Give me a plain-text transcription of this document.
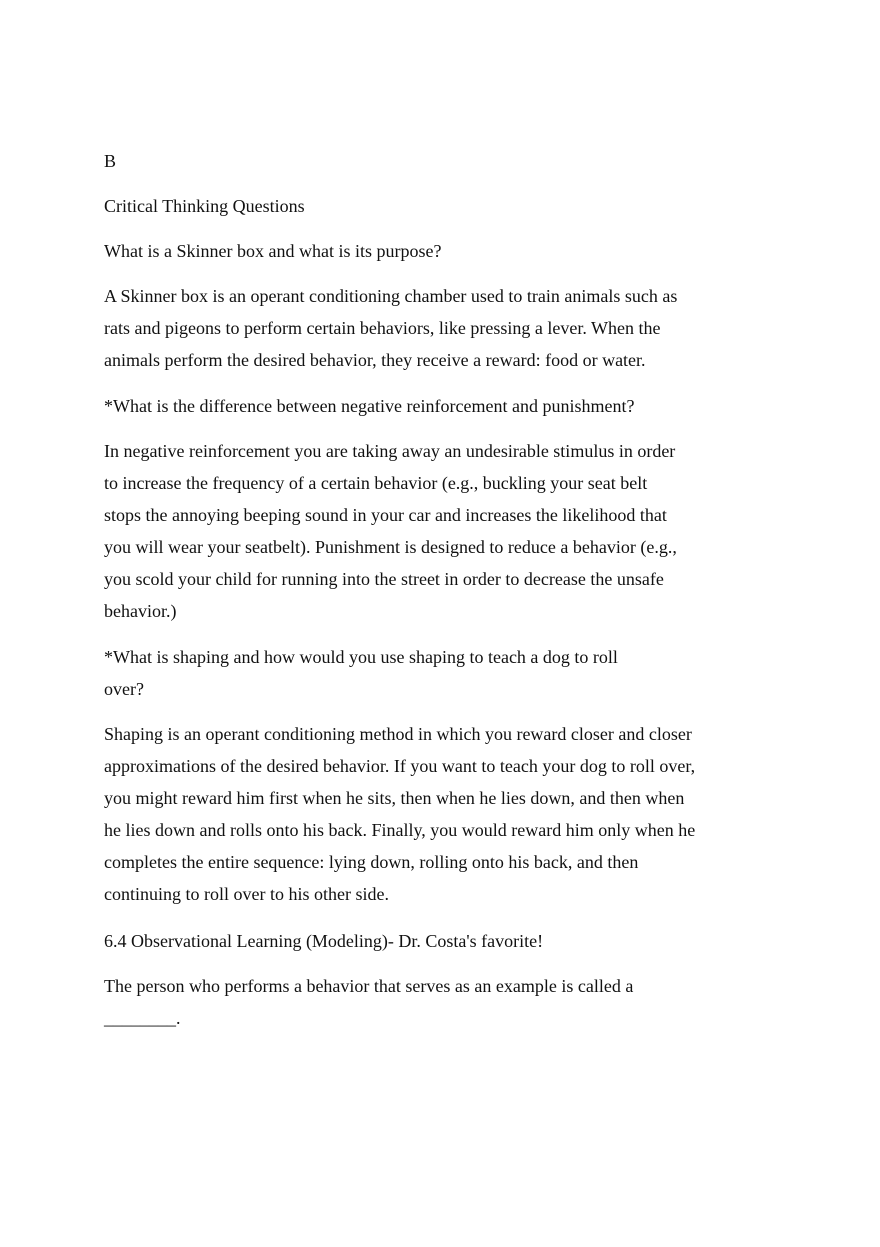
B

Critical Thinking Questions

What is a Skinner box and what is its purpose?

A Skinner box is an operant conditioning chamber used to train animals such as
rats and pigeons to perform certain behaviors, like pressing a lever. When the
animals perform the desired behavior, they receive a reward: food or water.

*What is the difference between negative reinforcement and punishment?

In negative reinforcement you are taking away an undesirable stimulus in order
to increase the frequency of a certain behavior (e.g., buckling your seat belt
stops the annoying beeping sound in your car and increases the likelihood that
you will wear your seatbelt). Punishment is designed to reduce a behavior (e.g.,
you scold your child for running into the street in order to decrease the unsafe
behavior.)

*What is shaping and how would you use shaping to teach a dog to roll
over?

Shaping is an operant conditioning method in which you reward closer and closer
approximations of the desired behavior. If you want to teach your dog to roll over,
you might reward him first when he sits, then when he lies down, and then when
he lies down and rolls onto his back. Finally, you would reward him only when he
completes the entire sequence: lying down, rolling onto his back, and then
continuing to roll over to his other side.

6.4 Observational Learning (Modeling)- Dr. Costa's favorite!

The person who performs a behavior that serves as an example is called a
________.
